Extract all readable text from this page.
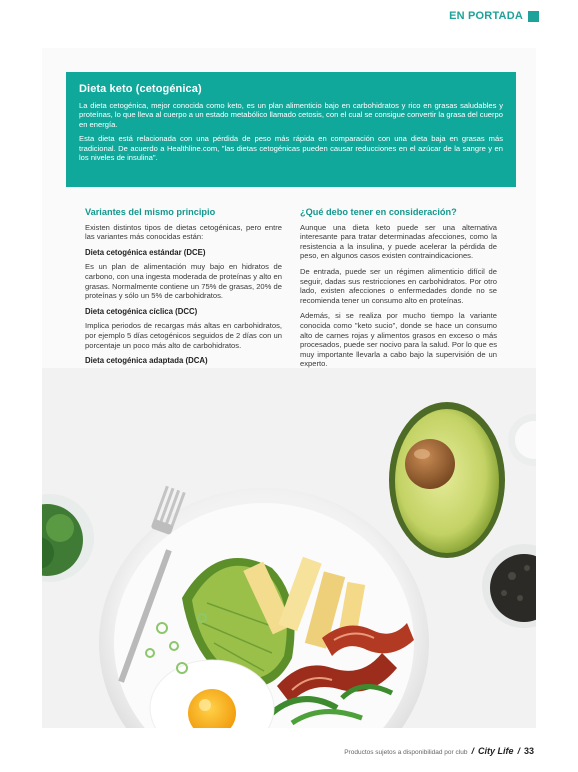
EN PORTADA
Dieta keto (cetogénica)

La dieta cetogénica, mejor conocida como keto, es un plan alimenticio bajo en carbohidratos y rico en grasas saludables y proteínas, lo que lleva al cuerpo a un estado metabólico llamado cetosis, con el cual se consigue convertir la grasa del cuerpo en energía.

Esta dieta está relacionada con una pérdida de peso más rápida en comparación con una dieta baja en grasas más tradicional. De acuerdo a Healthline.com, "las dietas cetogénicas pueden causar reducciones en el azúcar de la sangre y en los niveles de insulina".

Variantes del mismo principio

Existen distintos tipos de dietas cetogénicas, pero entre las variantes más conocidas están:

Dieta cetogénica estándar (DCE)

Es un plan de alimentación muy bajo en hidratos de carbono, con una ingesta moderada de proteínas y alto en grasas. Normalmente contiene un 75% de grasas, 20% de proteínas y sólo un 5% de carbohidratos.

Dieta cetogénica cíclica (DCC)

Implica periodos de recargas más altas en carbohidratos, por ejemplo 5 días cetogénicos seguidos de 2 días con un porcentaje un poco más alto de carbohidratos.

Dieta cetogénica adaptada (DCA)

¿Qué debo tener en consideración?

Aunque una dieta keto puede ser una alternativa interesante para tratar determinadas afecciones, como la resistencia a la insulina, y puede acelerar la pérdida de peso, en algunos casos existen contraindicaciones.

De entrada, puede ser un régimen alimenticio difícil de seguir, dadas sus restricciones en carbohidratos. Por otro lado, existen afecciones o enfermedades donde no se recomienda tener un consumo alto en proteínas.

Además, si se realiza por mucho tiempo la variante conocida como "keto sucio", donde se hace un consumo alto de carnes rojas y alimentos grasos en exceso o más procesados, puede ser nocivo para la salud. Por lo que es muy importante llevarla a cabo bajo la supervisión de un experto.

Productos sujetos a disponibilidad por club / City Life / 33
